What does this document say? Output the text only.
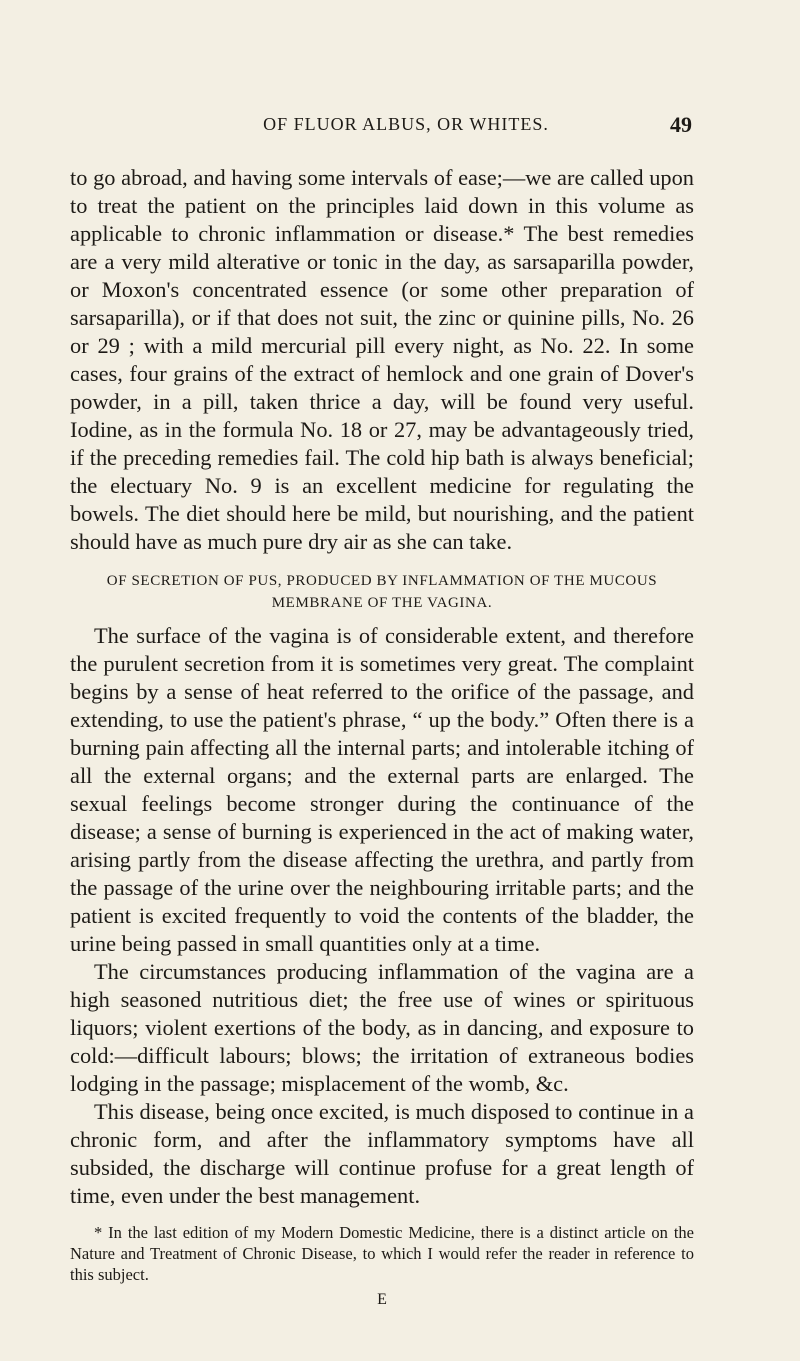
OF FLUOR ALBUS, OR WHITES.	49

to go abroad, and having some intervals of ease;—we are called upon to treat the patient on the principles laid down in this volume as applicable to chronic inflammation or disease.* The best remedies are a very mild alterative or tonic in the day, as sarsaparilla powder, or Moxon's concentrated essence (or some other preparation of sarsaparilla), or if that does not suit, the zinc or quinine pills, No. 26 or 29 ; with a mild mercurial pill every night, as No. 22. In some cases, four grains of the extract of hemlock and one grain of Dover's powder, in a pill, taken thrice a day, will be found very useful. Iodine, as in the formula No. 18 or 27, may be advantageously tried, if the preceding remedies fail. The cold hip bath is always beneficial; the electuary No. 9 is an excellent medicine for regulating the bowels. The diet should here be mild, but nourishing, and the patient should have as much pure dry air as she can take.

OF SECRETION OF PUS, PRODUCED BY INFLAMMATION OF THE MUCOUS MEMBRANE OF THE VAGINA.

The surface of the vagina is of considerable extent, and therefore the purulent secretion from it is sometimes very great. The complaint begins by a sense of heat referred to the orifice of the passage, and extending, to use the patient's phrase, “ up the body.” Often there is a burning pain affecting all the internal parts; and intolerable itching of all the external organs; and the external parts are enlarged. The sexual feelings become stronger during the continuance of the disease; a sense of burning is experienced in the act of making water, arising partly from the disease affecting the urethra, and partly from the passage of the urine over the neighbouring irritable parts; and the patient is excited frequently to void the contents of the bladder, the urine being passed in small quantities only at a time.

The circumstances producing inflammation of the vagina are a high seasoned nutritious diet; the free use of wines or spirituous liquors; violent exertions of the body, as in dancing, and exposure to cold:—difficult labours; blows; the irritation of extraneous bodies lodging in the passage; misplacement of the womb, &c.

This disease, being once excited, is much disposed to continue in a chronic form, and after the inflammatory symptoms have all subsided, the discharge will continue profuse for a great length of time, even under the best management.

* In the last edition of my Modern Domestic Medicine, there is a distinct article on the Nature and Treatment of Chronic Disease, to which I would refer the reader in reference to this subject.
E
